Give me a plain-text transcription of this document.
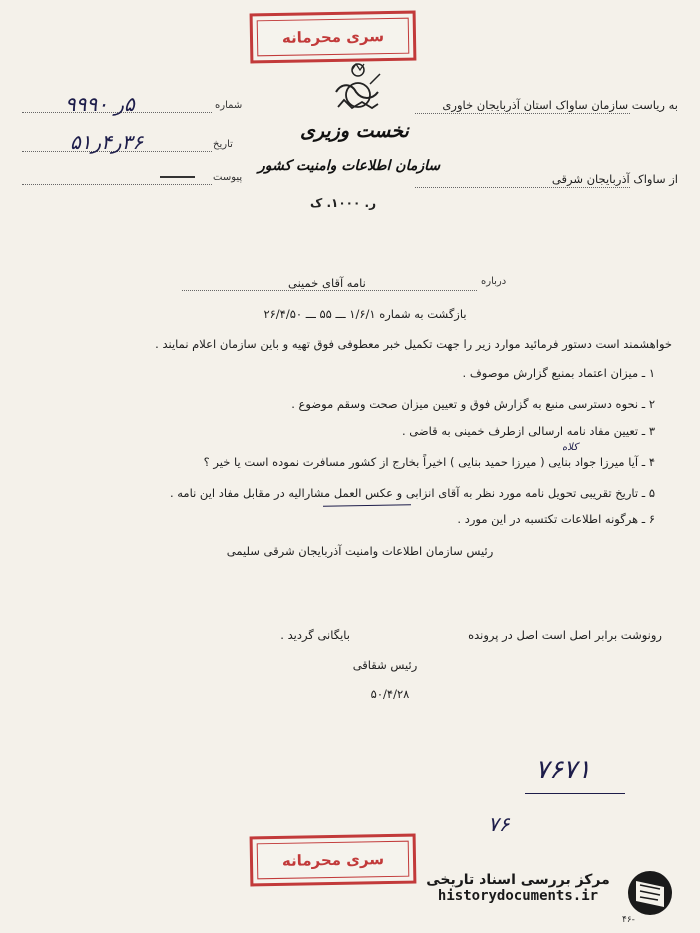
سری محرمانه
نخست وزیری
سازمان اطلاعات وامنیت کشور
ر. ۱۰۰۰. ک
شماره
۵ر ۹۹۹۰
تاریخ
۳۶ر۴ر۵۱
پیوست
به ریاست سازمان ساواک استان آذربایجان خاوری
از ساواک آذربایجان شرقی
درباره
نامه آقای خمینی
بازگشت به شماره ۱/۶/۱ ـــ ۵۵ ـــ ۲۶/۴/۵۰
خواهشمند است دستور فرمائید موارد زیر را جهت تکمیل خبر معطوفی فوق تهیه و باین سازمان اعلام نمایند .
۱ ـ میزان اعتماد بمنبع گزارش موصوف .
۲ ـ نحوه دسترسی منبع به گزارش فوق و تعیین میزان صحت وسقم موضوع .
۳ ـ تعیین مفاد نامه ارسالی ازطرف خمینی به قاضی .
کلاه
۴ ـ آیا میرزا جواد بنایی ( میرزا حمید بنایی ) اخیراً بخارج از کشور مسافرت نموده است یا خیر ؟
۵ ـ تاریخ تقریبی تحویل نامه مورد نظر به آقای انزابی و عکس العمل مشارالیه در مقابل مفاد این نامه .
۶ ـ هرگونه اطلاعات تکتسبه در این مورد .
رئیس سازمان اطلاعات وامنیت آذربایجان شرقی سلیمی
رونوشت برابر اصل است اصل در پرونده
بایگانی گردید .
رئیس شقاقی
۵۰/۴/۲۸
۷۶۷۱
۷۶
سری محرمانه
مرکز بررسی اسناد تاریخی
historydocuments.ir
۴۶-
